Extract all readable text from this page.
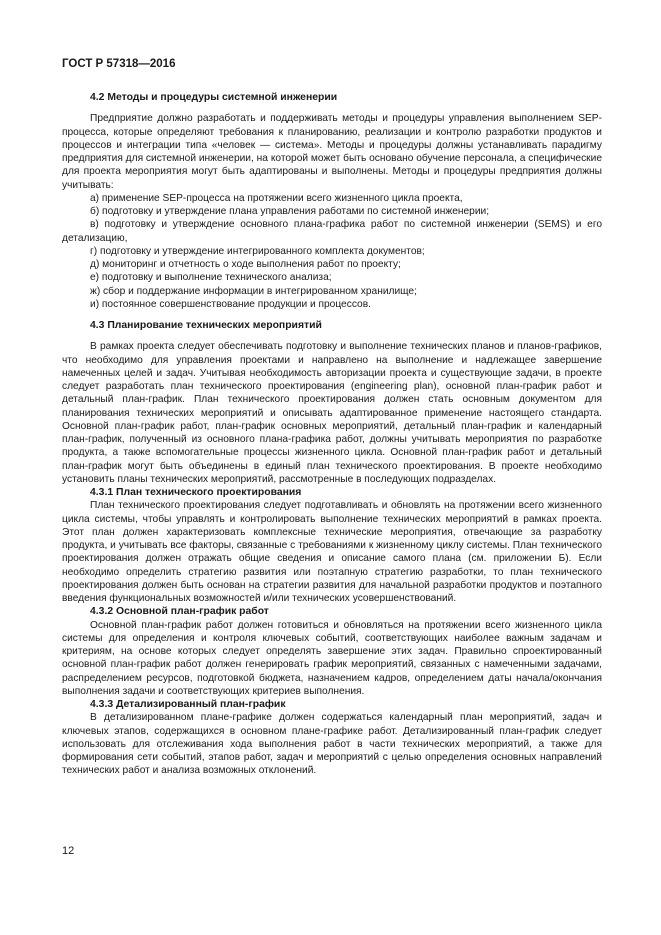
ГОСТ Р 57318—2016
4.2 Методы и процедуры системной инженерии

Предприятие должно разработать и поддерживать методы и процедуры управления выполнением SEP-процесса, которые определяют требования к планированию, реализации и контролю разработки продуктов и процессов и интеграции типа «человек — система». Методы и процедуры должны устанавливать парадигму предприятия для системной инженерии, на которой может быть основано обучение персонала, а специфические для проекта мероприятия могут быть адаптированы и выполнены. Методы и процедуры предприятия должны учитывать:

а) применение SEP-процесса на протяжении всего жизненного цикла проекта,

б) подготовку и утверждение плана управления работами по системной инженерии;

в) подготовку и утверждение основного плана-графика работ по системной инженерии (SEMS) и его детализацию,

г) подготовку и утверждение интегрированного комплекта документов;

д) мониторинг и отчетность о ходе выполнения работ по проекту;

е) подготовку и выполнение технического анализа;

ж) сбор и поддержание информации в интегрированном хранилище;

и) постоянное совершенствование продукции и процессов.

4.3 Планирование технических мероприятий

В рамках проекта следует обеспечивать подготовку и выполнение технических планов и планов-графиков, что необходимо для управления проектами и направлено на выполнение и надлежащее завершение намеченных целей и задач. Учитывая необходимость авторизации проекта и существующие задачи, в проекте следует разработать план технического проектирования (engineering plan), основной план-график работ и детальный план-график. План технического проектирования должен стать основным документом для планирования технических мероприятий и описывать адаптированное применение настоящего стандарта. Основной план-график работ, план-график основных мероприятий, детальный план-график и календарный план-график, полученный из основного плана-графика работ, должны учитывать мероприятия по разработке продукта, а также вспомогательные процессы жизненного цикла. Основной план-график работ и детальный план-график могут быть объединены в единый план технического проектирования. В проекте необходимо установить планы технических мероприятий, рассмотренные в последующих подразделах.

4.3.1 План технического проектирования

План технического проектирования следует подготавливать и обновлять на протяжении всего жизненного цикла системы, чтобы управлять и контролировать выполнение технических мероприятий в рамках проекта. Этот план должен характеризовать комплексные технические мероприятия, отвечающие за разработку продукта, и учитывать все факторы, связанные с требованиями к жизненному циклу системы. План технического проектирования должен отражать общие сведения и описание самого плана (см. приложении Б). Если необходимо определить стратегию развития или поэтапную стратегию разработки, то план технического проектирования должен быть основан на стратегии развития для начальной разработки продуктов и поэтапного введения функциональных возможностей и/или технических усовершенствований.

4.3.2 Основной план-график работ

Основной план-график работ должен готовиться и обновляться на протяжении всего жизненного цикла системы для определения и контроля ключевых событий, соответствующих наиболее важным задачам и критериям, на основе которых следует определять завершение этих задач. Правильно спроектированный основной план-график работ должен генерировать график мероприятий, связанных с намеченными задачами, распределением ресурсов, подготовкой бюджета, назначением кадров, определением даты начала/окончания выполнения задачи и соответствующих критериев выполнения.

4.3.3 Детализированный план-график

В детализированном плане-графике должен содержаться календарный план мероприятий, задач и ключевых этапов, содержащихся в основном плане-графике работ. Детализированный план-график следует использовать для отслеживания хода выполнения работ в части технических мероприятий, а также для формирования сети событий, этапов работ, задач и мероприятий с целью определения основных направлений технических работ и анализа возможных отклонений.

12
